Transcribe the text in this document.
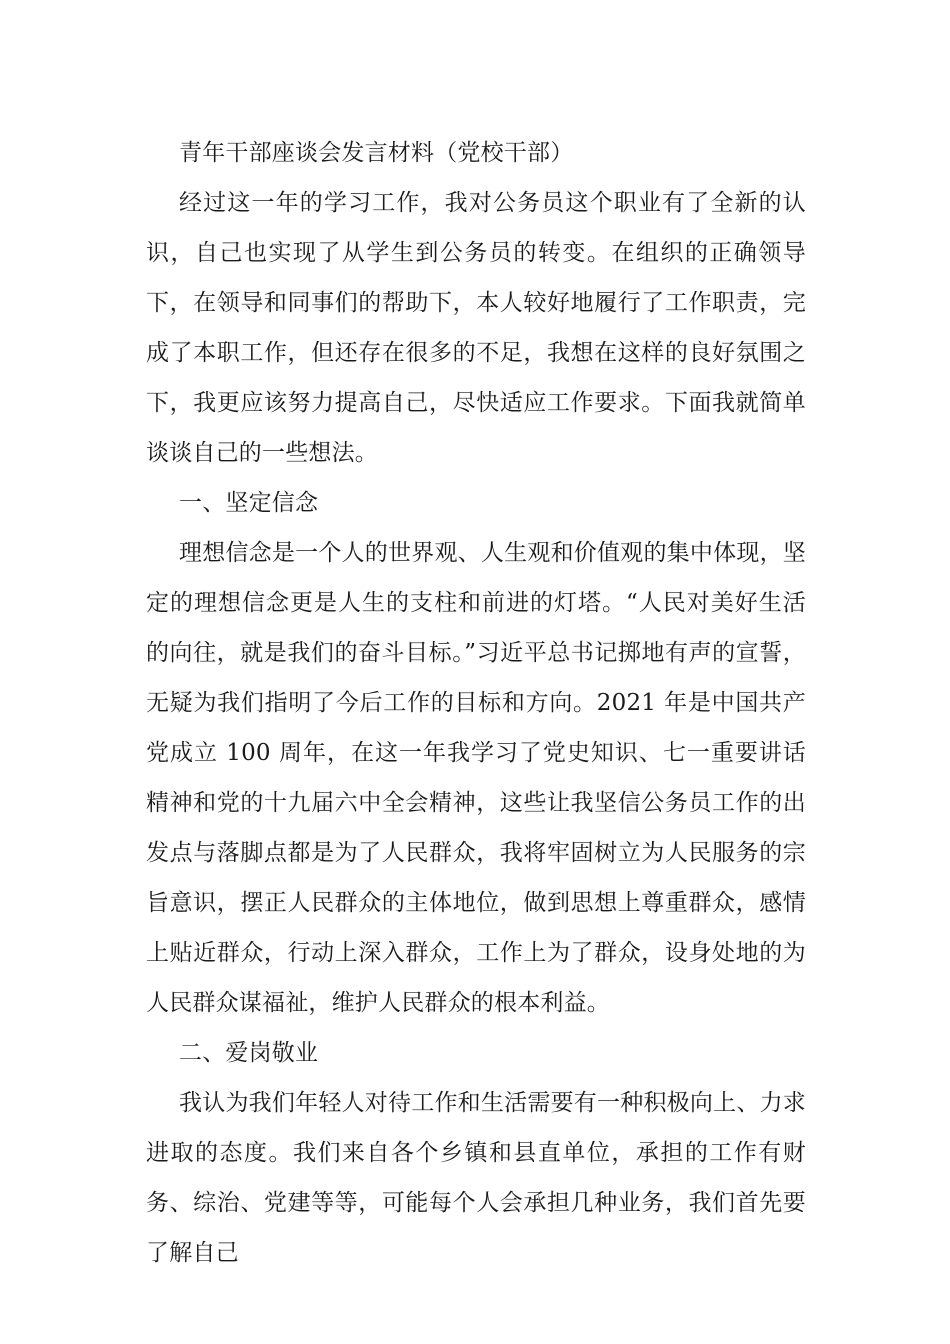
青年干部座谈会发言材料（党校干部）

经过这一年的学习工作，我对公务员这个职业有了全新的认识，自己也实现了从学生到公务员的转变。在组织的正确领导下，在领导和同事们的帮助下，本人较好地履行了工作职责，完成了本职工作，但还存在很多的不足，我想在这样的良好氛围之下，我更应该努力提高自己，尽快适应工作要求。下面我就简单谈谈自己的一些想法。

一、坚定信念

理想信念是一个人的世界观、人生观和价值观的集中体现，坚定的理想信念更是人生的支柱和前进的灯塔。“人民对美好生活的向往，就是我们的奋斗目标。”习近平总书记掷地有声的宣誓，无疑为我们指明了今后工作的目标和方向。2021 年是中国共产党成立 100 周年，在这一年我学习了党史知识、七一重要讲话精神和党的十九届六中全会精神，这些让我坚信公务员工作的出发点与落脚点都是为了人民群众，我将牢固树立为人民服务的宗旨意识，摆正人民群众的主体地位，做到思想上尊重群众，感情上贴近群众，行动上深入群众，工作上为了群众，设身处地的为人民群众谋福祉，维护人民群众的根本利益。

二、爱岗敬业

我认为我们年轻人对待工作和生活需要有一种积极向上、力求进取的态度。我们来自各个乡镇和县直单位，承担的工作有财务、综治、党建等等，可能每个人会承担几种业务，我们首先要了解自己
